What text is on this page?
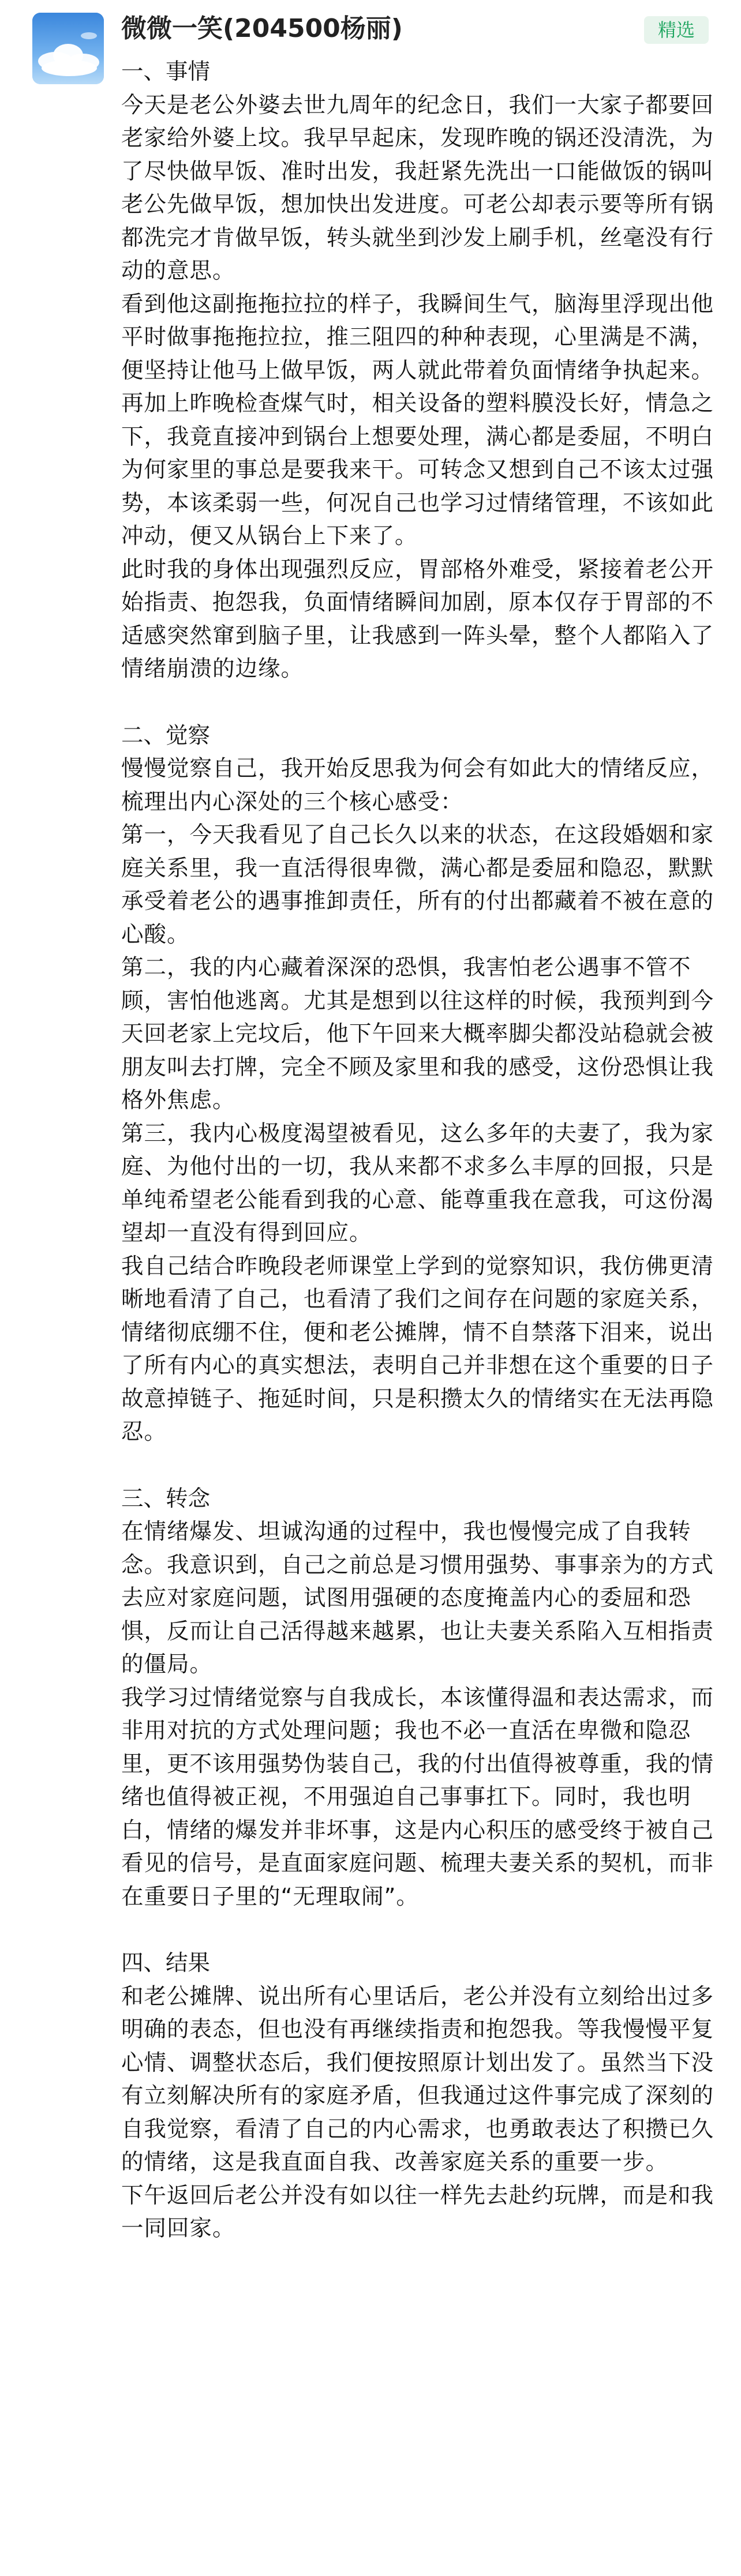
微微一笑(204500杨丽)	精选
一、事情
今天是老公外婆去世九周年的纪念日，我们一大家子都要回老家给外婆上坟。我早早起床，发现昨晚的锅还没清洗，为了尽快做早饭、准时出发，我赶紧先洗出一口能做饭的锅叫老公先做早饭，想加快出发进度。可老公却表示要等所有锅都洗完才肯做早饭，转头就坐到沙发上刷手机，丝毫没有行动的意思。
看到他这副拖拖拉拉的样子，我瞬间生气，脑海里浮现出他平时做事拖拖拉拉，推三阻四的种种表现，心里满是不满，便坚持让他马上做早饭，两人就此带着负面情绪争执起来。再加上昨晚检查煤气时，相关设备的塑料膜没长好，情急之下，我竟直接冲到锅台上想要处理，满心都是委屈，不明白为何家里的事总是要我来干。可转念又想到自己不该太过强势，本该柔弱一些，何况自己也学习过情绪管理，不该如此冲动，便又从锅台上下来了。
此时我的身体出现强烈反应，胃部格外难受，紧接着老公开始指责、抱怨我，负面情绪瞬间加剧，原本仅存于胃部的不适感突然窜到脑子里，让我感到一阵头晕，整个人都陷入了情绪崩溃的边缘。
二、觉察
慢慢觉察自己，我开始反思我为何会有如此大的情绪反应，梳理出内心深处的三个核心感受：
第一，今天我看见了自己长久以来的状态，在这段婚姻和家庭关系里，我一直活得很卑微，满心都是委屈和隐忍，默默承受着老公的遇事推卸责任，所有的付出都藏着不被在意的心酸。
第二，我的内心藏着深深的恐惧，我害怕老公遇事不管不顾，害怕他逃离。尤其是想到以往这样的时候，我预判到今天回老家上完坟后，他下午回来大概率脚尖都没站稳就会被朋友叫去打牌，完全不顾及家里和我的感受，这份恐惧让我格外焦虑。
第三，我内心极度渴望被看见，这么多年的夫妻了，我为家庭、为他付出的一切，我从来都不求多么丰厚的回报，只是单纯希望老公能看到我的心意、能尊重我在意我，可这份渴望却一直没有得到回应。
我自己结合昨晚段老师课堂上学到的觉察知识，我仿佛更清晰地看清了自己，也看清了我们之间存在问题的家庭关系，情绪彻底绷不住，便和老公摊牌，情不自禁落下泪来，说出了所有内心的真实想法，表明自己并非想在这个重要的日子故意掉链子、拖延时间，只是积攒太久的情绪实在无法再隐忍。
三、转念
在情绪爆发、坦诚沟通的过程中，我也慢慢完成了自我转念。我意识到，自己之前总是习惯用强势、事事亲为的方式去应对家庭问题，试图用强硬的态度掩盖内心的委屈和恐惧，反而让自己活得越来越累，也让夫妻关系陷入互相指责的僵局。
我学习过情绪觉察与自我成长，本该懂得温和表达需求，而非用对抗的方式处理问题；我也不必一直活在卑微和隐忍里，更不该用强势伪装自己，我的付出值得被尊重，我的情绪也值得被正视，不用强迫自己事事扛下。同时，我也明白，情绪的爆发并非坏事，这是内心积压的感受终于被自己看见的信号，是直面家庭问题、梳理夫妻关系的契机，而非在重要日子里的“无理取闹”。
四、结果
和老公摊牌、说出所有心里话后，老公并没有立刻给出过多明确的表态，但也没有再继续指责和抱怨我。等我慢慢平复心情、调整状态后，我们便按照原计划出发了。虽然当下没有立刻解决所有的家庭矛盾，但我通过这件事完成了深刻的自我觉察，看清了自己的内心需求，也勇敢表达了积攒已久的情绪，这是我直面自我、改善家庭关系的重要一步。
下午返回后老公并没有如以往一样先去赴约玩牌，而是和我一同回家。
